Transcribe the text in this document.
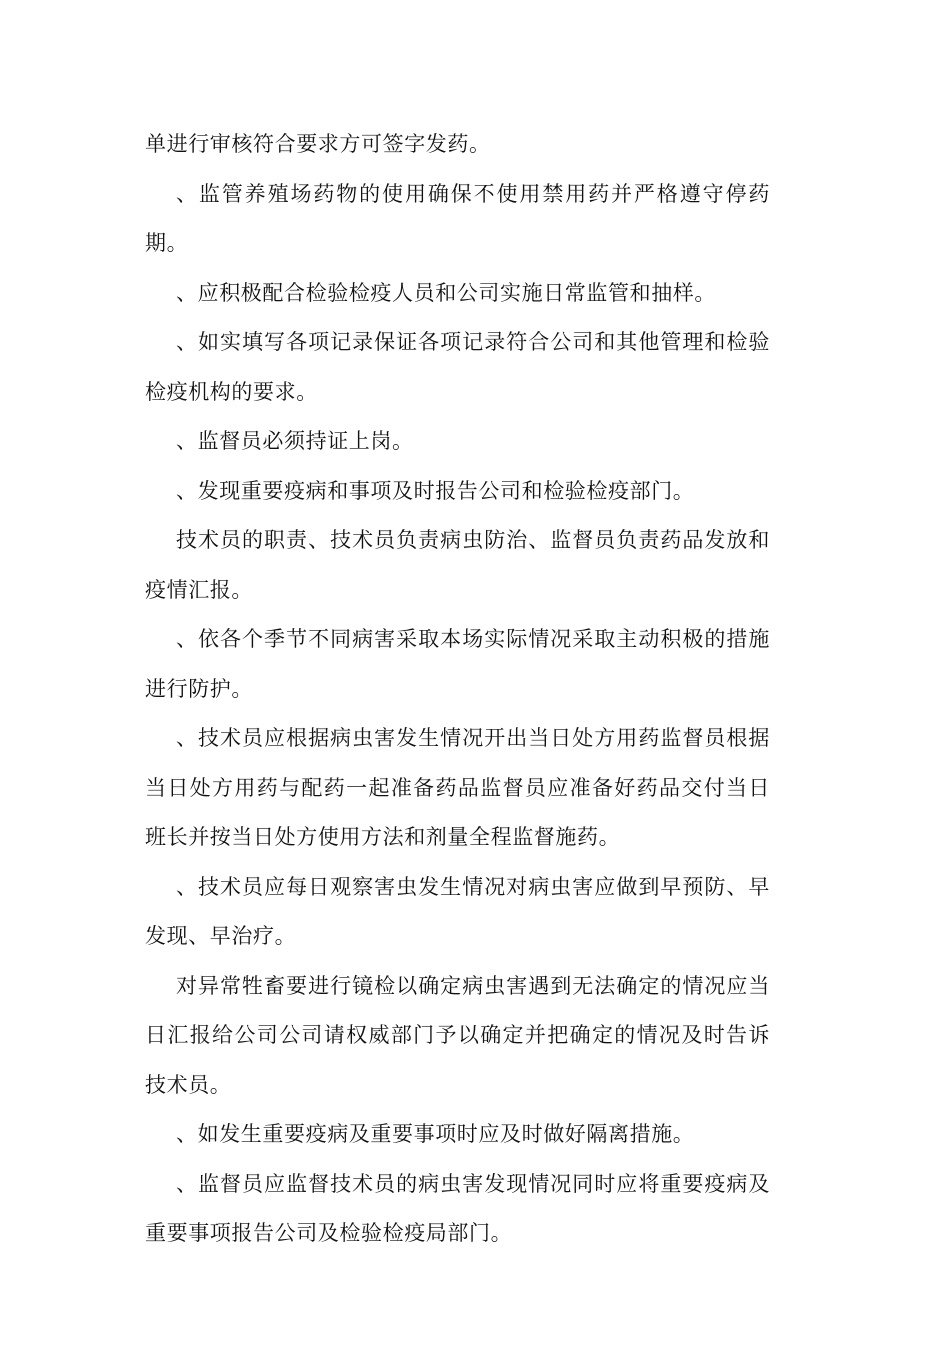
单进行审核符合要求方可签字发药。

、监管养殖场药物的使用确保不使用禁用药并严格遵守停药期。

、应积极配合检验检疫人员和公司实施日常监管和抽样。

、如实填写各项记录保证各项记录符合公司和其他管理和检验检疫机构的要求。

、监督员必须持证上岗。

、发现重要疫病和事项及时报告公司和检验检疫部门。

技术员的职责、技术员负责病虫防治、监督员负责药品发放和疫情汇报。

、依各个季节不同病害采取本场实际情况采取主动积极的措施进行防护。

、技术员应根据病虫害发生情况开出当日处方用药监督员根据当日处方用药与配药一起准备药品监督员应准备好药品交付当日班长并按当日处方使用方法和剂量全程监督施药。

、技术员应每日观察害虫发生情况对病虫害应做到早预防、早发现、早治疗。

对异常牲畜要进行镜检以确定病虫害遇到无法确定的情况应当日汇报给公司公司请权威部门予以确定并把确定的情况及时告诉技术员。

、如发生重要疫病及重要事项时应及时做好隔离措施。

、监督员应监督技术员的病虫害发现情况同时应将重要疫病及重要事项报告公司及检验检疫局部门。
